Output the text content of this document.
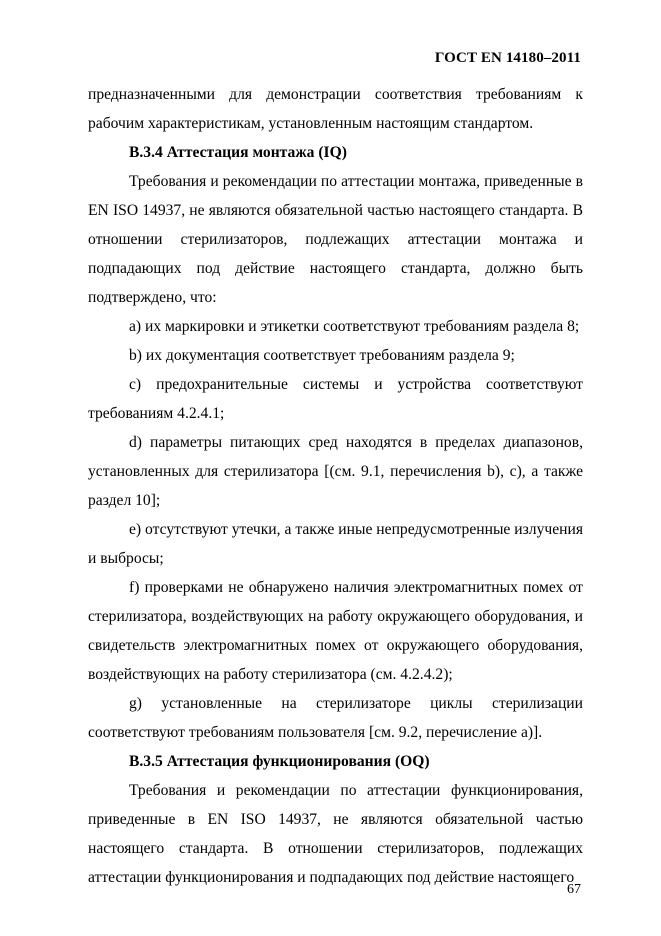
ГОСТ EN 14180–2011

предназначенными для демонстрации соответствия требованиям к рабочим характеристикам, установленным настоящим стандартом.

B.3.4 Аттестация монтажа (IQ)

Требования и рекомендации по аттестации монтажа, приведенные в EN ISO 14937, не являются обязательной частью настоящего стандарта. В отношении стерилизаторов, подлежащих аттестации монтажа и подпадающих под действие настоящего стандарта, должно быть подтверждено, что:

а) их маркировки и этикетки соответствуют требованиям раздела 8;

b) их документация соответствует требованиям раздела 9;

c) предохранительные системы и устройства соответствуют требованиям 4.2.4.1;

d) параметры питающих сред находятся в пределах диапазонов, установленных для стерилизатора [(см. 9.1, перечисления b), с), а также раздел 10];

e) отсутствуют утечки, а также иные непредусмотренные излучения и выбросы;

f) проверками не обнаружено наличия электромагнитных помех от стерилизатора, воздействующих на работу окружающего оборудования, и свидетельств электромагнитных помех от окружающего оборудования, воздействующих на работу стерилизатора (см. 4.2.4.2);

g) установленные на стерилизаторе циклы стерилизации соответствуют требованиям пользователя [см. 9.2, перечисление а)].

B.3.5 Аттестация функционирования (OQ)

Требования и рекомендации по аттестации функционирования, приведенные в EN ISO 14937, не являются обязательной частью настоящего стандарта. В отношении стерилизаторов, подлежащих аттестации функционирования и подпадающих под действие настоящего

67
